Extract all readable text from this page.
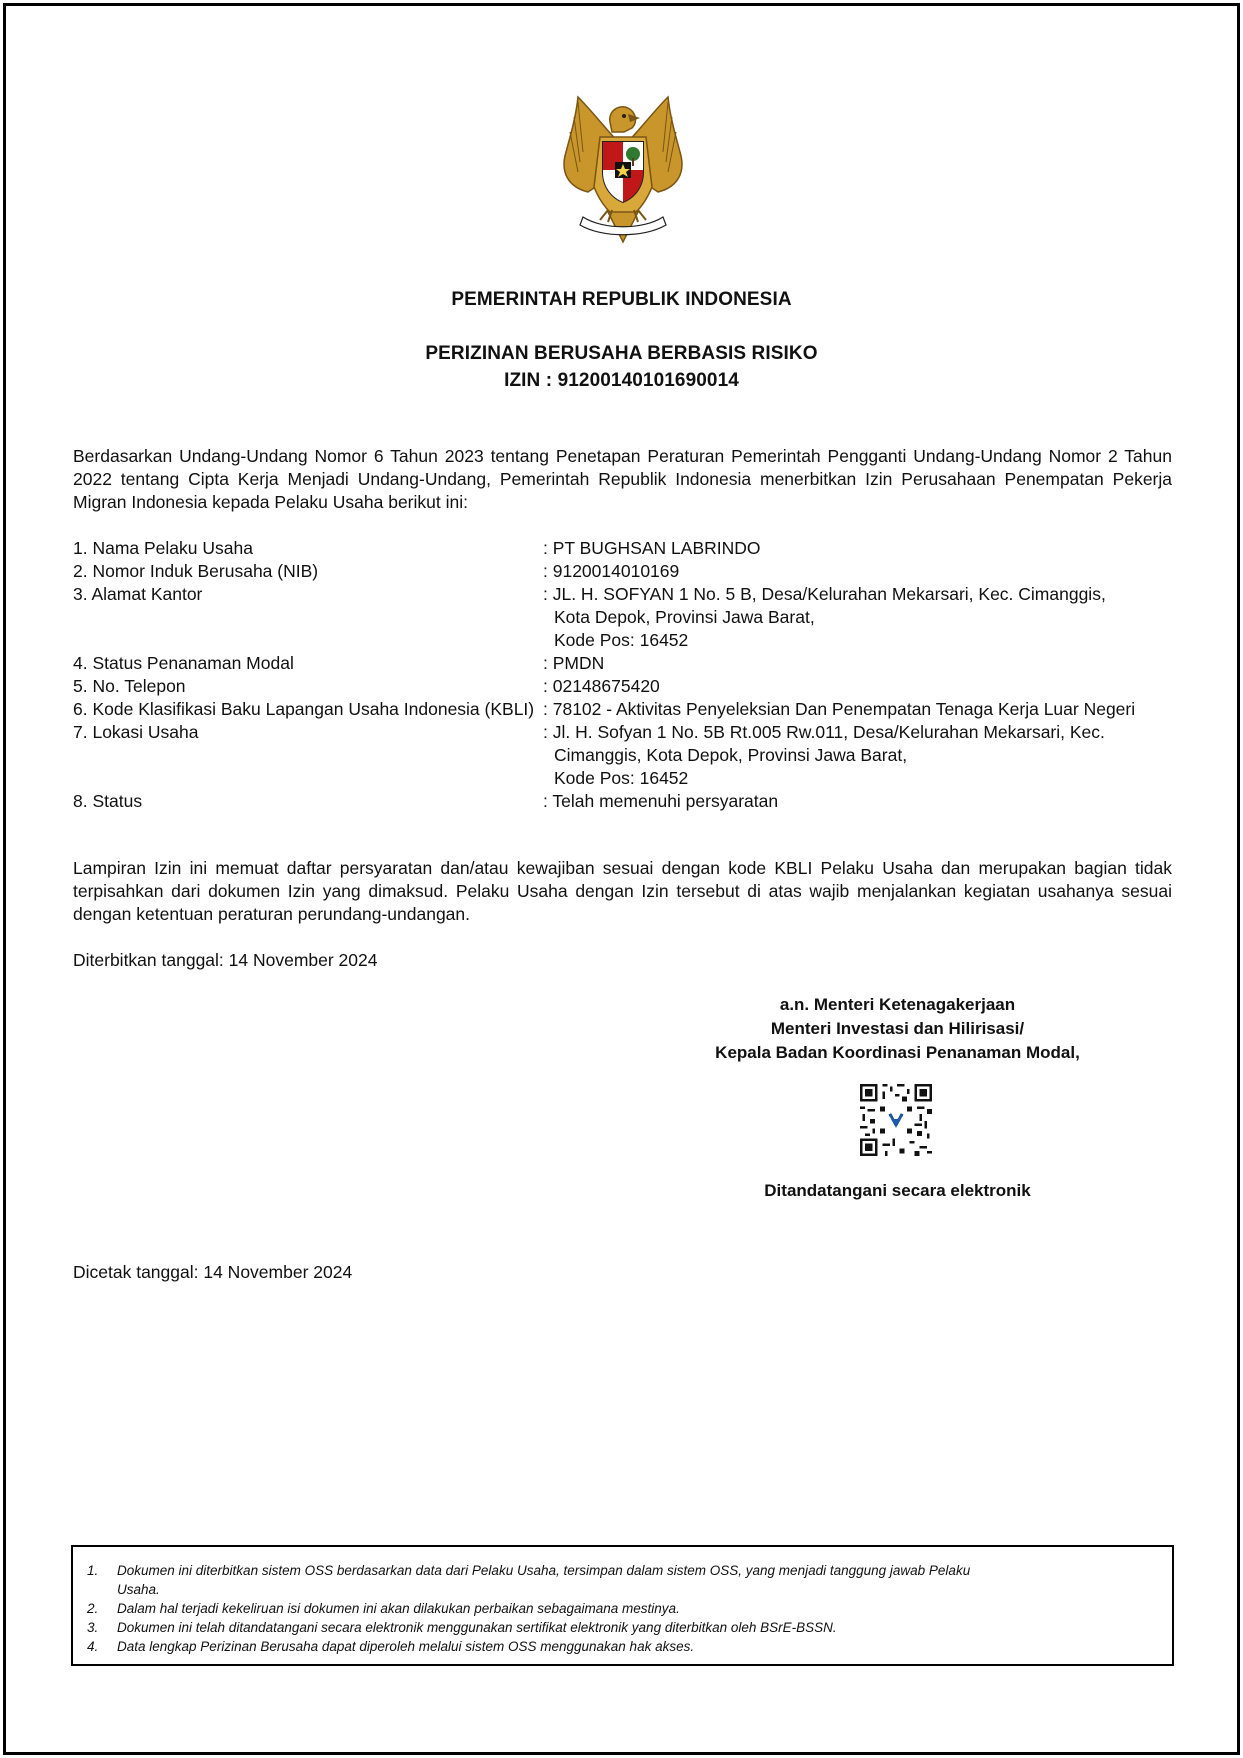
PEMERINTAH REPUBLIK INDONESIA
PERIZINAN BERUSAHA BERBASIS RISIKO
IZIN : 91200140101690014

Berdasarkan Undang-Undang Nomor 6 Tahun 2023 tentang Penetapan Peraturan Pemerintah Pengganti Undang-Undang Nomor 2 Tahun 2022 tentang Cipta Kerja Menjadi Undang-Undang, Pemerintah Republik Indonesia menerbitkan Izin Perusahaan Penempatan Pekerja Migran Indonesia kepada Pelaku Usaha berikut ini:

1. Nama Pelaku Usaha	: PT BUGHSAN LABRINDO
2. Nomor Induk Berusaha (NIB)	: 9120014010169
3. Alamat Kantor	: JL. H. SOFYAN 1 No. 5 B, Desa/Kelurahan Mekarsari, Kec. Cimanggis,
Kota Depok, Provinsi Jawa Barat,
Kode Pos: 16452
4. Status Penanaman Modal	: PMDN
5. No. Telepon	: 02148675420
6. Kode Klasifikasi Baku Lapangan Usaha Indonesia (KBLI) : 78102 - Aktivitas Penyeleksian Dan Penempatan Tenaga Kerja Luar Negeri
7. Lokasi Usaha	: Jl. H. Sofyan 1 No. 5B Rt.005 Rw.011, Desa/Kelurahan Mekarsari, Kec. Cimanggis, Kota Depok, Provinsi Jawa Barat,
Kode Pos: 16452
8. Status	: Telah memenuhi persyaratan

Lampiran Izin ini memuat daftar persyaratan dan/atau kewajiban sesuai dengan kode KBLI Pelaku Usaha dan merupakan bagian tidak terpisahkan dari dokumen Izin yang dimaksud. Pelaku Usaha dengan Izin tersebut di atas wajib menjalankan kegiatan usahanya sesuai dengan ketentuan peraturan perundang-undangan.

Diterbitkan tanggal: 14 November 2024
a.n. Menteri Ketenagakerjaan
Menteri Investasi dan Hilirisasi/
Kepala Badan Koordinasi Penanaman Modal,
Ditandatangani secara elektronik
Dicetak tanggal: 14 November 2024
1.	Dokumen ini diterbitkan sistem OSS berdasarkan data dari Pelaku Usaha, tersimpan dalam sistem OSS, yang menjadi tanggung jawab Pelaku Usaha.
2.	Dalam hal terjadi kekeliruan isi dokumen ini akan dilakukan perbaikan sebagaimana mestinya.
3.	Dokumen ini telah ditandatangani secara elektronik menggunakan sertifikat elektronik yang diterbitkan oleh BSrE-BSSN.
4.	Data lengkap Perizinan Berusaha dapat diperoleh melalui sistem OSS menggunakan hak akses.
